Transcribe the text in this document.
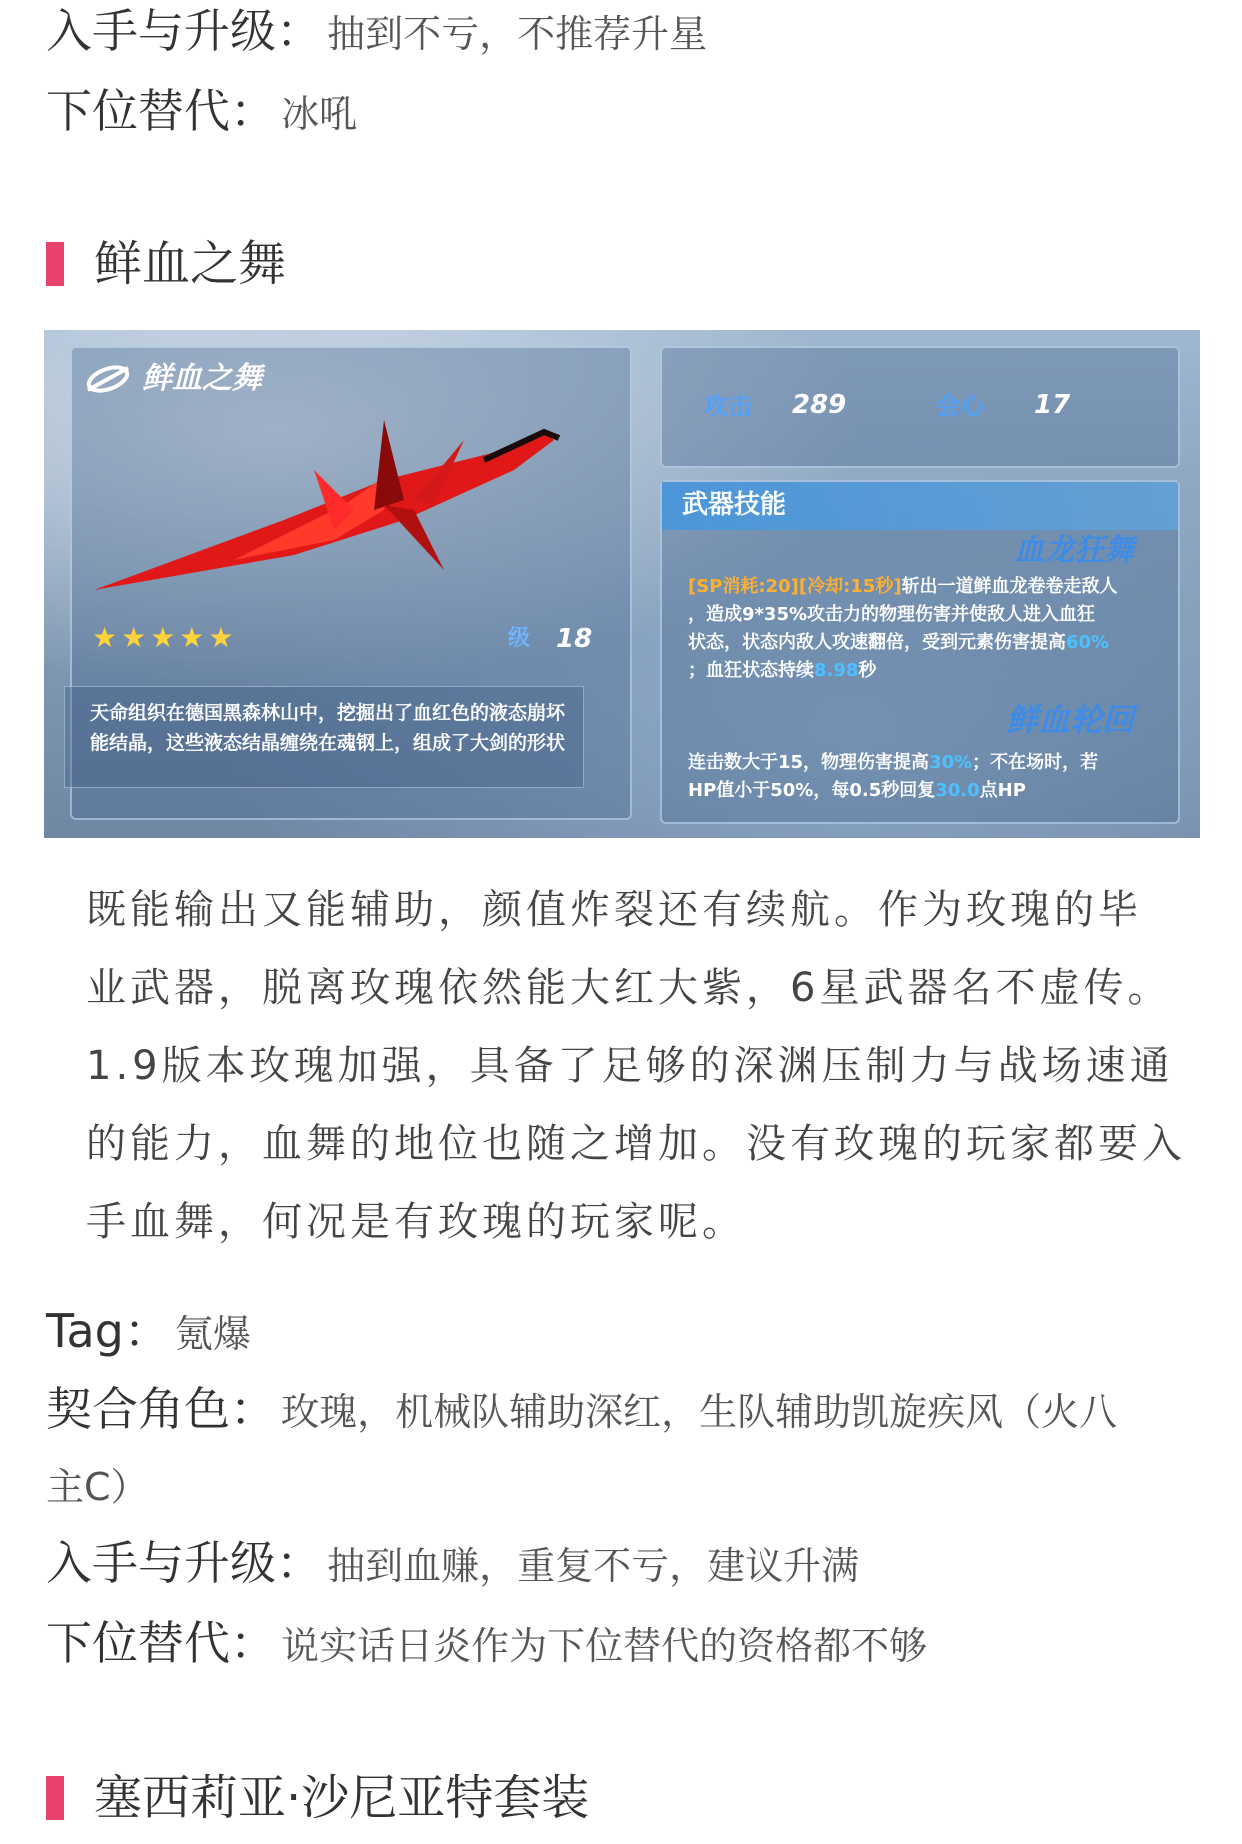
入手与升级： 抽到不亏，不推荐升星
下位替代： 冰吼
鲜血之舞
鲜血之舞
★★★★★	级 18
天命组织在德国黑森林山中，挖掘出了血红色的液态崩坏
能结晶，这些液态结晶缠绕在魂钢上，组成了大剑的形状
攻击 289	会心 17
武器技能
血龙狂舞
[SP消耗:20][冷却:15秒]斩出一道鲜血龙卷卷走敌人
，造成9*35%攻击力的物理伤害并使敌人进入血狂
状态，状态内敌人攻速翻倍，受到元素伤害提高60%
；血狂状态持续8.98秒
鲜血轮回
连击数大于15，物理伤害提高30%；不在场时，若
HP值小于50%，每0.5秒回复30.0点HP
既能输出又能辅助，颜值炸裂还有续航。作为玫瑰的毕
业武器，脱离玫瑰依然能大红大紫，6星武器名不虚传。
1.9版本玫瑰加强，具备了足够的深渊压制力与战场速通
的能力，血舞的地位也随之增加。没有玫瑰的玩家都要入
手血舞，何况是有玫瑰的玩家呢。
Tag： 氪爆
契合角色： 玫瑰，机械队辅助深红，生队辅助凯旋疾风（火八
主C）
入手与升级： 抽到血赚，重复不亏，建议升满
下位替代： 说实话日炎作为下位替代的资格都不够
塞西莉亚·沙尼亚特套装
